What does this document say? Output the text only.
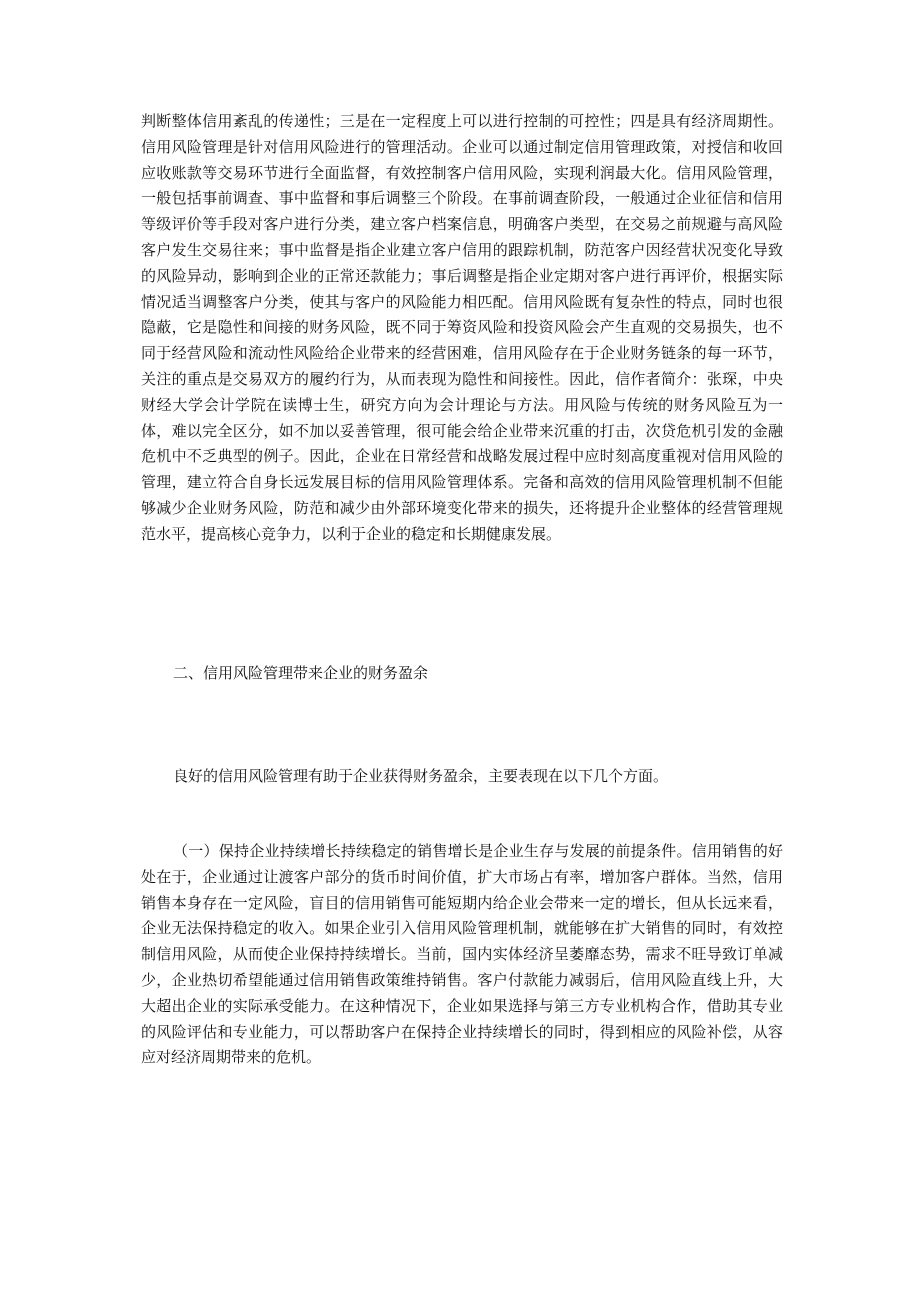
判断整体信用紊乱的传递性；三是在一定程度上可以进行控制的可控性；四是具有经济周期性。信用风险管理是针对信用风险进行的管理活动。企业可以通过制定信用管理政策，对授信和收回应收账款等交易环节进行全面监督，有效控制客户信用风险，实现利润最大化。信用风险管理，一般包括事前调查、事中监督和事后调整三个阶段。在事前调查阶段，一般通过企业征信和信用等级评价等手段对客户进行分类，建立客户档案信息，明确客户类型，在交易之前规避与高风险客户发生交易往来；事中监督是指企业建立客户信用的跟踪机制，防范客户因经营状况变化导致的风险异动，影响到企业的正常还款能力；事后调整是指企业定期对客户进行再评价，根据实际情况适当调整客户分类，使其与客户的风险能力相匹配。信用风险既有复杂性的特点，同时也很隐蔽，它是隐性和间接的财务风险，既不同于筹资风险和投资风险会产生直观的交易损失，也不同于经营风险和流动性风险给企业带来的经营困难，信用风险存在于企业财务链条的每一环节，关注的重点是交易双方的履约行为，从而表现为隐性和间接性。因此，信作者简介：张琛，中央财经大学会计学院在读博士生，研究方向为会计理论与方法。用风险与传统的财务风险互为一体，难以完全区分，如不加以妥善管理，很可能会给企业带来沉重的打击，次贷危机引发的金融危机中不乏典型的例子。因此，企业在日常经营和战略发展过程中应时刻高度重视对信用风险的管理，建立符合自身长远发展目标的信用风险管理体系。完备和高效的信用风险管理机制不但能够减少企业财务风险，防范和减少由外部环境变化带来的损失，还将提升企业整体的经营管理规范水平，提高核心竞争力，以利于企业的稳定和长期健康发展。

二、信用风险管理带来企业的财务盈余

良好的信用风险管理有助于企业获得财务盈余，主要表现在以下几个方面。

（一）保持企业持续增长持续稳定的销售增长是企业生存与发展的前提条件。信用销售的好处在于，企业通过让渡客户部分的货币时间价值，扩大市场占有率，增加客户群体。当然，信用销售本身存在一定风险，盲目的信用销售可能短期内给企业会带来一定的增长，但从长远来看，企业无法保持稳定的收入。如果企业引入信用风险管理机制，就能够在扩大销售的同时，有效控制信用风险，从而使企业保持持续增长。当前，国内实体经济呈萎靡态势，需求不旺导致订单减少，企业热切希望能通过信用销售政策维持销售。客户付款能力减弱后，信用风险直线上升，大大超出企业的实际承受能力。在这种情况下，企业如果选择与第三方专业机构合作，借助其专业的风险评估和专业能力，可以帮助客户在保持企业持续增长的同时，得到相应的风险补偿，从容应对经济周期带来的危机。
